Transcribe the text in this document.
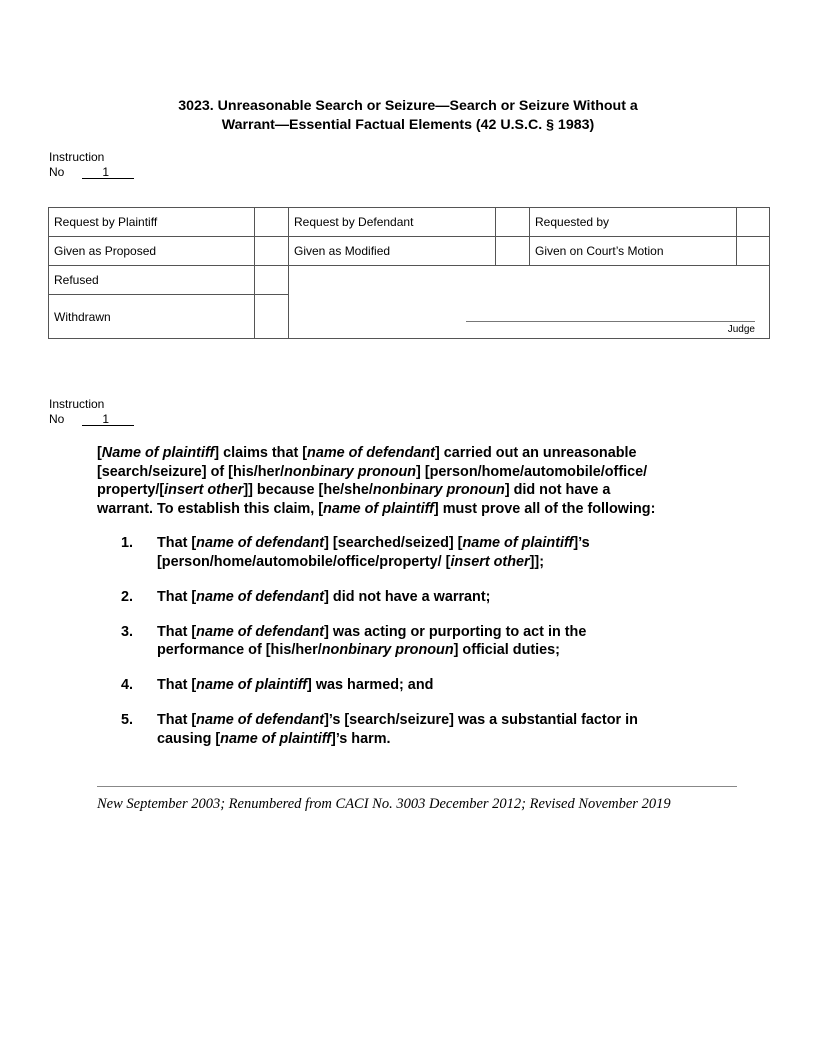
3023. Unreasonable Search or Seizure—Search or Seizure Without a
Warrant—Essential Factual Elements (42 U.S.C. § 1983)
Instruction
No	1
Request by Plaintiff		Request by Defendant		Requested by	
Given as Proposed		Given as Modified		Given on Court’s Motion	
Refused		Judge			

Withdrawn					
Instruction
No	1
[Name of plaintiff] claims that [name of defendant] carried out an unreasonable
[search/seizure] of [his/her/nonbinary pronoun] [person/home/automobile/office/
property/[insert other]] because [he/she/nonbinary pronoun] did not have a
warrant. To establish this claim, [name of plaintiff] must prove all of the following:
1. That [name of defendant] [searched/seized] [name of plaintiff]’s
[person/home/automobile/office/property/ [insert other]];
2. That [name of defendant] did not have a warrant;
3. That [name of defendant] was acting or purporting to act in the
performance of [his/her/nonbinary pronoun] official duties;
4. That [name of plaintiff] was harmed; and
5. That [name of defendant]’s [search/seizure] was a substantial factor in
causing [name of plaintiff]’s harm.
New September 2003; Renumbered from CACI No. 3003 December 2012; Revised November 2019
